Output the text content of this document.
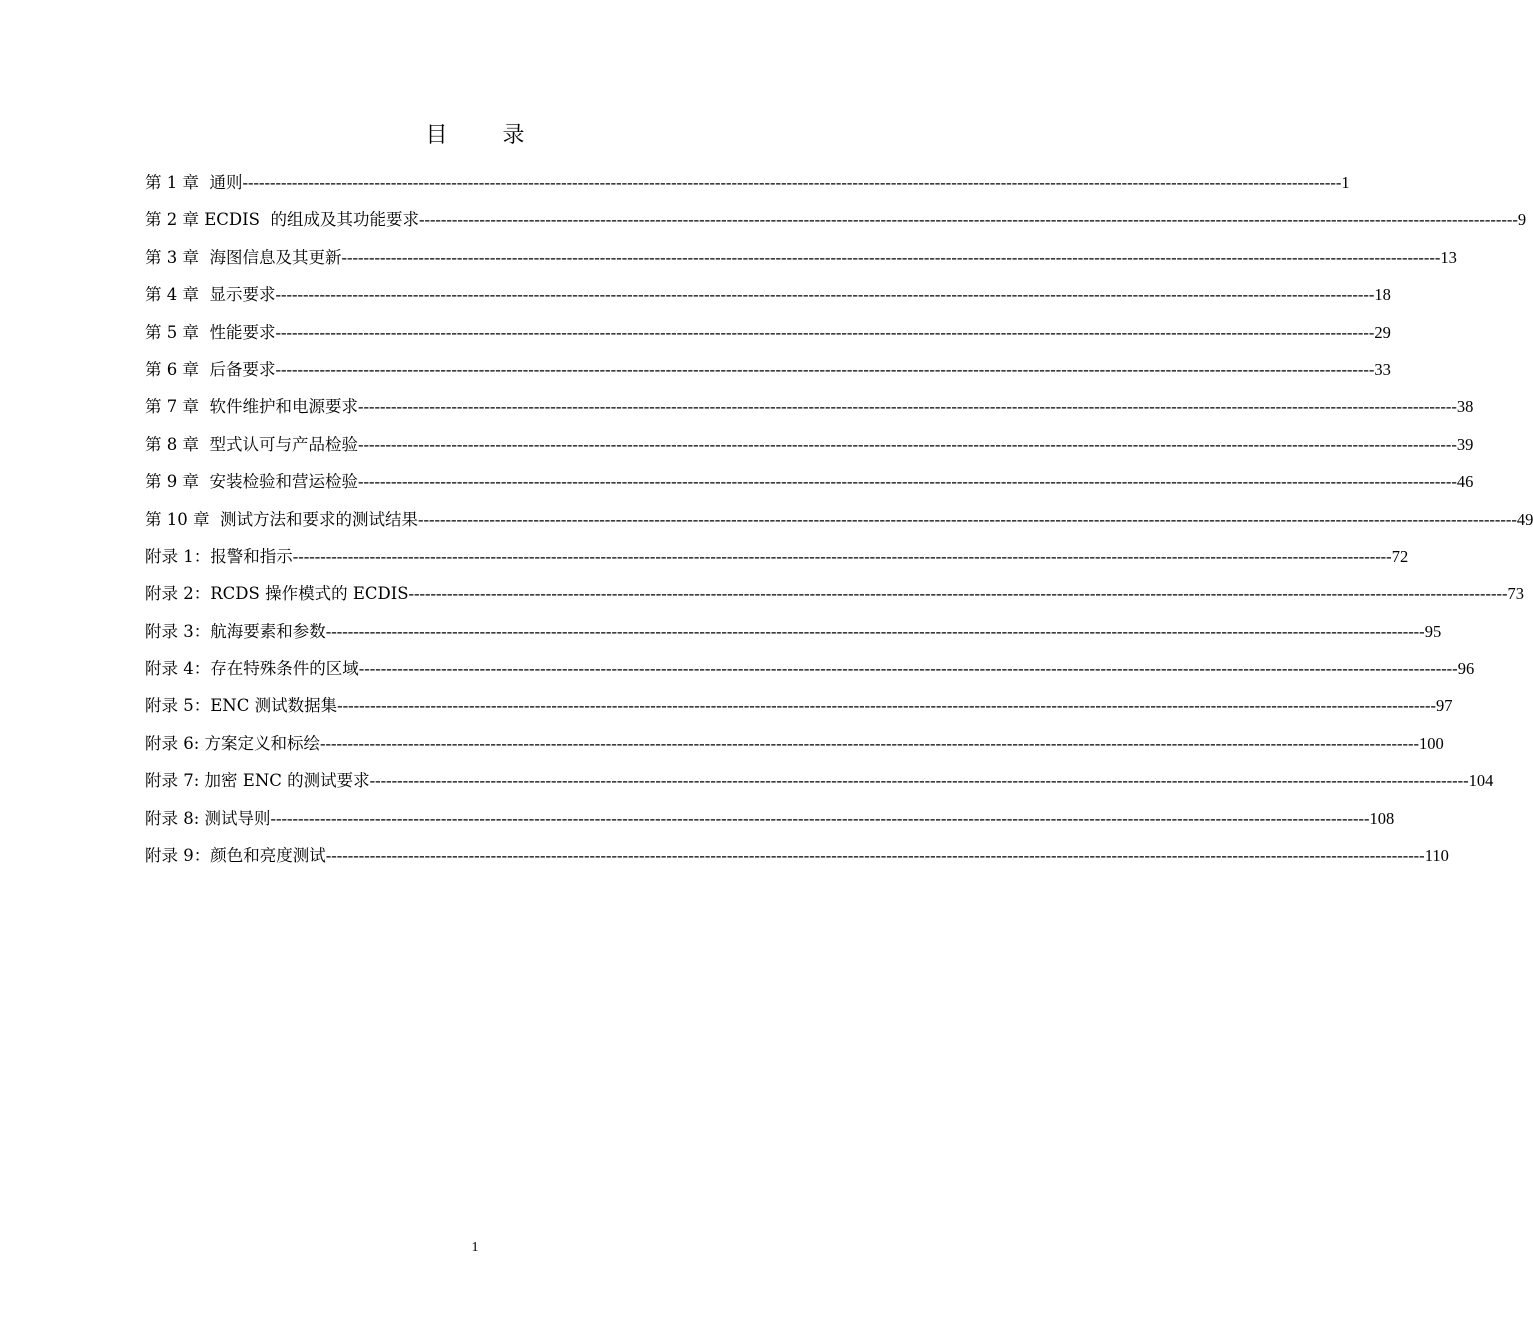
目 录
第 1 章  通则 -------------------------------------------------------------------------------------------------------------------------------------------------------------------------------------------------------- 1
第 2 章 ECDIS  的组成及其功能要求 -------------------------------------------------------------------------------------------------------------------------------------------------------------------------------------------------------- 9
第 3 章  海图信息及其更新 -------------------------------------------------------------------------------------------------------------------------------------------------------------------------------------------------------- 13
第 4 章  显示要求 -------------------------------------------------------------------------------------------------------------------------------------------------------------------------------------------------------- 18
第 5 章  性能要求 -------------------------------------------------------------------------------------------------------------------------------------------------------------------------------------------------------- 29
第 6 章  后备要求 -------------------------------------------------------------------------------------------------------------------------------------------------------------------------------------------------------- 33
第 7 章  软件维护和电源要求 -------------------------------------------------------------------------------------------------------------------------------------------------------------------------------------------------------- 38
第 8 章  型式认可与产品检验 -------------------------------------------------------------------------------------------------------------------------------------------------------------------------------------------------------- 39
第 9 章  安装检验和营运检验 -------------------------------------------------------------------------------------------------------------------------------------------------------------------------------------------------------- 46
第 10 章  测试方法和要求的测试结果 -------------------------------------------------------------------------------------------------------------------------------------------------------------------------------------------------------- 49
附录 1：报警和指示 -------------------------------------------------------------------------------------------------------------------------------------------------------------------------------------------------------- 72
附录 2：RCDS 操作模式的 ECDIS -------------------------------------------------------------------------------------------------------------------------------------------------------------------------------------------------------- 73
附录 3：航海要素和参数 -------------------------------------------------------------------------------------------------------------------------------------------------------------------------------------------------------- 95
附录 4：存在特殊条件的区域 -------------------------------------------------------------------------------------------------------------------------------------------------------------------------------------------------------- 96
附录 5：ENC 测试数据集 -------------------------------------------------------------------------------------------------------------------------------------------------------------------------------------------------------- 97
附录 6: 方案定义和标绘 -------------------------------------------------------------------------------------------------------------------------------------------------------------------------------------------------------- 100
附录 7: 加密 ENC 的测试要求 -------------------------------------------------------------------------------------------------------------------------------------------------------------------------------------------------------- 104
附录 8: 测试导则 -------------------------------------------------------------------------------------------------------------------------------------------------------------------------------------------------------- 108
附录 9：颜色和亮度测试 -------------------------------------------------------------------------------------------------------------------------------------------------------------------------------------------------------- 110
1
